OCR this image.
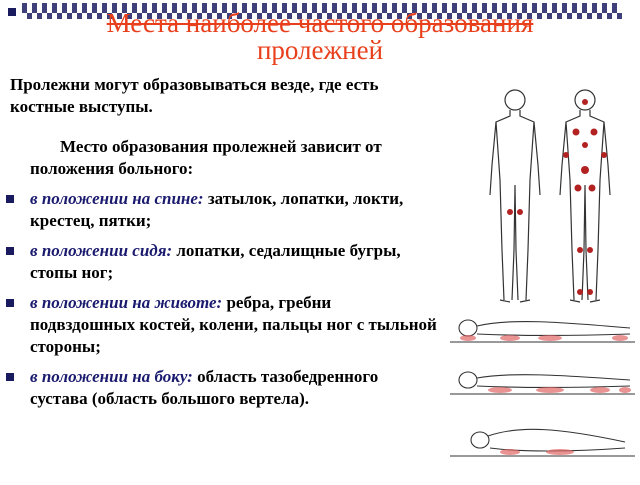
Места наиболее частого образования
пролежней
Пролежни могут образовываться везде, где есть костные выступы.
Место образования пролежней зависит от положения больного:
в положении на спине: затылок, лопатки, локти, крестец, пятки;
в положении сидя: лопатки, седалищные бугры, стопы ног;
в положении на животе: ребра, гребни подвздошных костей, колени, пальцы ног с тыльной стороны;
в положении на боку: область тазобедренного сустава (область большого вертела).
